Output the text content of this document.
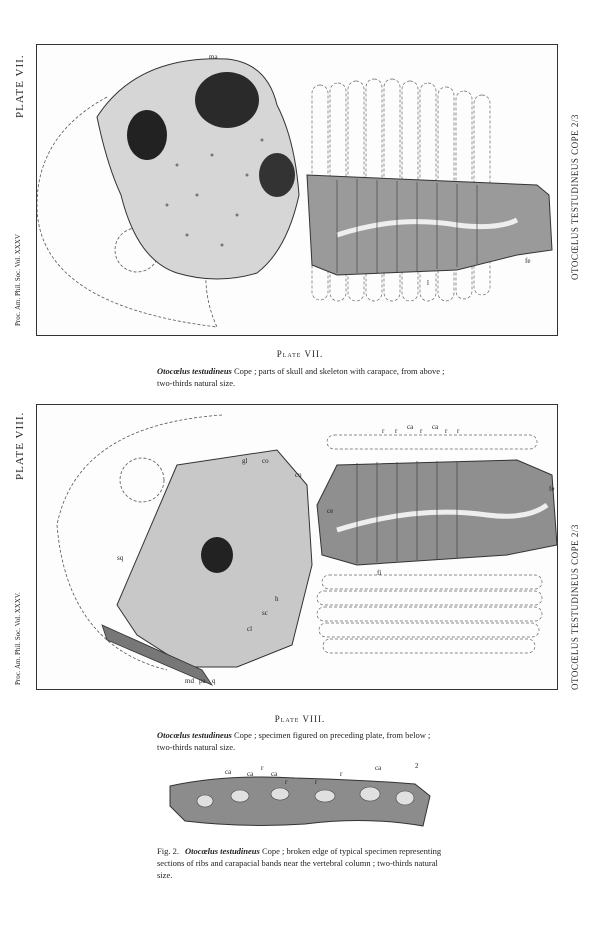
ma
fe
l
PLATE VII.
Proc. Am. Phil. Soc. Vol. XXXV
OTOCŒLUS TESTUDINEUS COPE 2/3
Plate VII.
Otocœlus testudineus Cope ; parts of skull and skeleton with carapace, from above ; two-thirds natural size.
r r ca r ca r r
gl co
cu
ce
fe
fi
sq
sc
h
cl
md pa q
PLATE VIII.
Proc. Am. Phil. Soc. Vol. XXXV.	OTOCŒLUS TESTUDINEUS COPE 2/3
Plate VIII.
Otocœlus testudineus Cope ; specimen figured on preceding plate, from below ; two-thirds natural size.
ca ca
r
ca
r	r
r
ca	2
Fig. 2. Otocœlus testudineus Cope ; broken edge of typical specimen representing sections of ribs and carapacial bands near the vertebral column ; two-thirds natural size.
